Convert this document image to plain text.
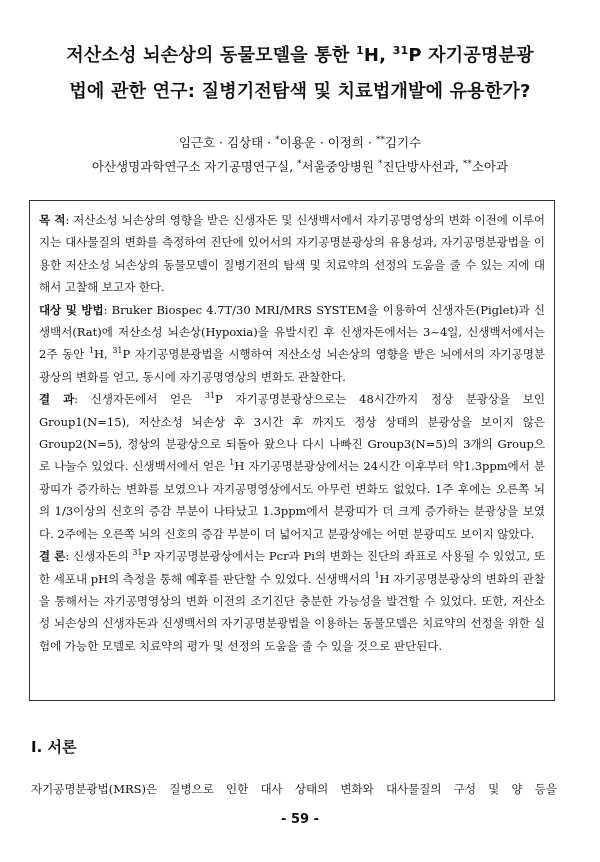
저산소성 뇌손상의 동물모델을 통한 $^1$H, $^{31}$P 자기공명분광
법에 관한 연구: 질병기전탐색 및 치료법개발에 유용한가?
임근호 · 김상태 · *이용운 · 이정희 · **김기수
아산생명과학연구소 자기공명연구실, *서울중앙병원 *진단방사선과, **소아과

목 적: 저산소성 뇌손상의 영향을 받은 신생자돈 및 신생백서에서 자기공명영상의 변화 이전에 이루어지는 대사물질의 변화를 측정하여 진단에 있어서의 자기공명분광상의 유용성과, 자기공명분광법을 이용한 저산소성 뇌손상의 동물모델이 질병기전의 탐색 및 치료약의 선정의 도움을 줄 수 있는 지에 대해서 고찰해 보고자 한다.

대상 및 방법: Bruker Biospec 4.7T/30 MRI/MRS SYSTEM을 이용하여 신생자돈(Piglet)과 신생백서(Rat)에 저산소성 뇌손상(Hypoxia)을 유발시킨 후 신생자돈에서는 3~4일, 신생백서에서는 2주 동안 $^1$H, $^{31}$P 자기공명분광법을 시행하여 저산소성 뇌손상의 영향을 받은 뇌에서의 자기공명분광상의 변화를 얻고, 동시에 자기공명영상의 변화도 관찰한다.

결 과: 신생자돈에서 얻은 $^{31}$P 자기공명분광상으로는 48시간까지 정상 분광상을 보인 Group1(N=15), 저산소성 뇌손상 후 3시간 후 까지도 정상 상태의 분광상을 보이지 않은 Group2(N=5), 정상의 분광상으로 되돌아 왔으나 다시 나빠진 Group3(N=5)의 3개의 Group으로 나눌수 있었다. 신생백서에서 얻은 $^1$H 자기공명분광상에서는 24시간 이후부터 약1.3ppm에서 분광띠가 증가하는 변화를 보였으나 자기공명영상에서도 아무런 변화도 없었다. 1주 후에는 오른쪽 뇌의 1/3이상의 신호의 증감 부분이 나타났고 1.3ppm에서 분광띠가 더 크게 증가하는 분광상을 보였다. 2주에는 오른쪽 뇌의 신호의 증감 부분이 더 넓어지고 분광상에는 어떤 분광띠도 보이지 않았다.

결 론: 신생자돈의 $^{31}$P 자기공명분광상에서는 Pcr과 Pi의 변화는 진단의 좌표로 사용될 수 있었고, 또한 세포내 pH의 측정을 통해 예후를 판단할 수 있었다. 신생백서의 $^1$H 자기공명분광상의 변화의 관찰을 통해서는 자기공명영상의 변화 이전의 조기진단 충분한 가능성을 발견할 수 있었다. 또한, 저산소성 뇌손상의 신생자돈과 신생백서의 자기공명분광법을 이용하는 동물모델은 치료약의 선정을 위한 실험에 가능한 모델로 치료약의 평가 및 선정의 도움을 줄 수 있을 것으로 판단된다.

I. 서론
자기공명분광법(MRS)은 질병으로 인한 대사 상태의 변화와 대사물질의 구성 및 양 등을
- 59 -
